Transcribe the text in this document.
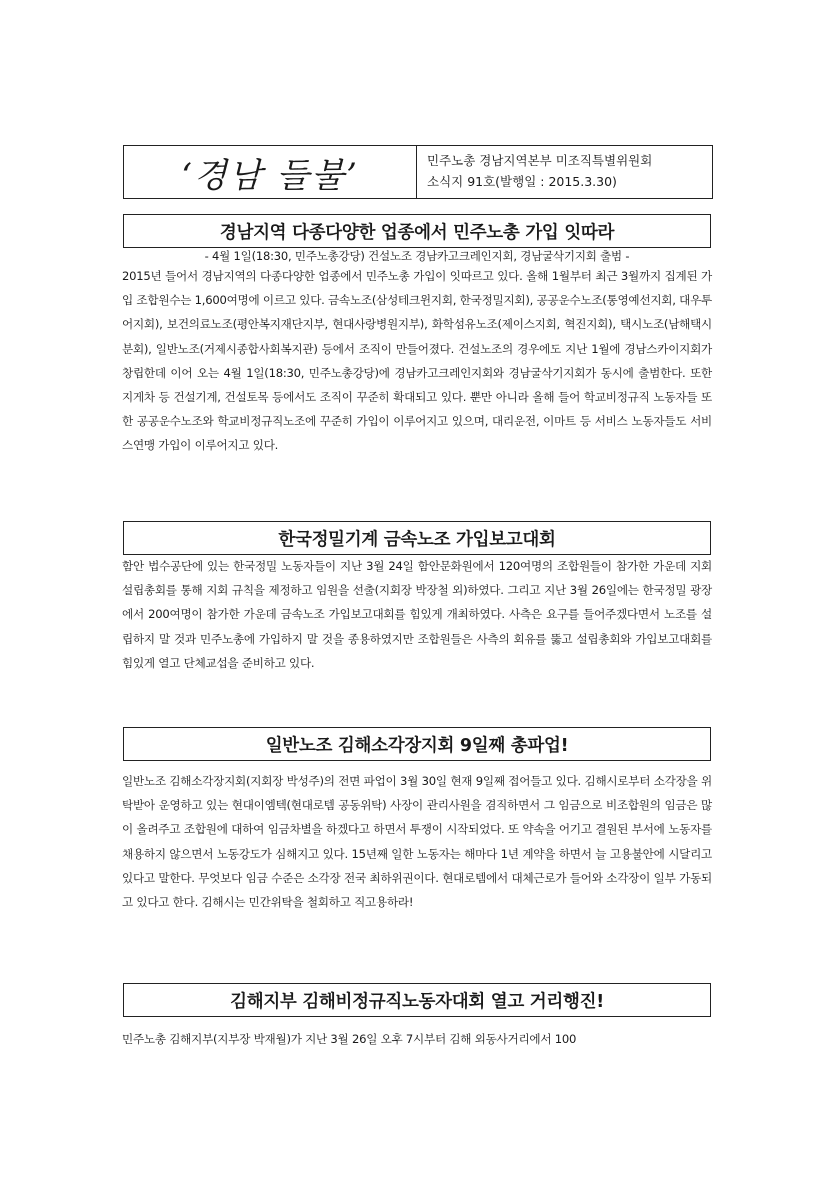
‘경남 들불’	민주노총 경남지역본부 미조직특별위원회
소식지 91호(발행일 : 2015.3.30)
경남지역 다종다양한 업종에서 민주노총 가입 잇따라
- 4월 1일(18:30, 민주노총강당) 건설노조 경남카고크레인지회, 경남굴삭기지회 출범 -

2015년 들어서 경남지역의 다종다양한 업종에서 민주노총 가입이 잇따르고 있다. 올해 1월부터 최근 3월까지 집계된 가입 조합원수는 1,600여명에 이르고 있다. 금속노조(삼성테크윈지회, 한국정밀지회), 공공운수노조(통영예선지회, 대우투어지회), 보건의료노조(평안복지재단지부, 현대사랑병원지부), 화학섬유노조(제이스지회, 혁진지회), 택시노조(남해택시분회), 일반노조(거제시종합사회복지관) 등에서 조직이 만들어졌다. 건설노조의 경우에도 지난 1월에 경남스카이지회가 창립한데 이어 오는 4월 1일(18:30, 민주노총강당)에 경남카고크레인지회와 경남굴삭기지회가 동시에 출범한다. 또한 지게차 등 건설기계, 건설토목 등에서도 조직이 꾸준히 확대되고 있다. 뿐만 아니라 올해 들어 학교비정규직 노동자들 또한 공공운수노조와 학교비정규직노조에 꾸준히 가입이 이루어지고 있으며, 대리운전, 이마트 등 서비스 노동자들도 서비스연맹 가입이 이루어지고 있다.

한국정밀기계 금속노조 가입보고대회

함안 법수공단에 있는 한국정밀 노동자들이 지난 3월 24일 함안문화원에서 120여명의 조합원들이 참가한 가운데 지회 설립총회를 통해 지회 규칙을 제정하고 임원을 선출(지회장 박장철 외)하였다. 그리고 지난 3월 26일에는 한국정밀 광장에서 200여명이 참가한 가운데 금속노조 가입보고대회를 힘있게 개최하였다. 사측은 요구를 들어주겠다면서 노조를 설립하지 말 것과 민주노총에 가입하지 말 것을 종용하였지만 조합원들은 사측의 회유를 뚫고 설립총회와 가입보고대회를 힘있게 열고 단체교섭을 준비하고 있다.

일반노조 김해소각장지회 9일째 총파업!

일반노조 김해소각장지회(지회장 박성주)의 전면 파업이 3월 30일 현재 9일째 접어들고 있다. 김해시로부터 소각장을 위탁받아 운영하고 있는 현대이엠텍(현대로템 공동위탁) 사장이 관리사원을 겸직하면서 그 임금으로 비조합원의 임금은 많이 올려주고 조합원에 대하여 임금차별을 하겠다고 하면서 투쟁이 시작되었다. 또 약속을 어기고 결원된 부서에 노동자를 채용하지 않으면서 노동강도가 심해지고 있다. 15년째 일한 노동자는 해마다 1년 계약을 하면서 늘 고용불안에 시달리고 있다고 말한다. 무엇보다 임금 수준은 소각장 전국 최하위권이다. 현대로템에서 대체근로가 들어와 소각장이 일부 가동되고 있다고 한다. 김해시는 민간위탁을 철회하고 직고용하라!

김해지부 김해비정규직노동자대회 열고 거리행진!

민주노총 김해지부(지부장 박재월)가 지난 3월 26일 오후 7시부터 김해 외동사거리에서 100
